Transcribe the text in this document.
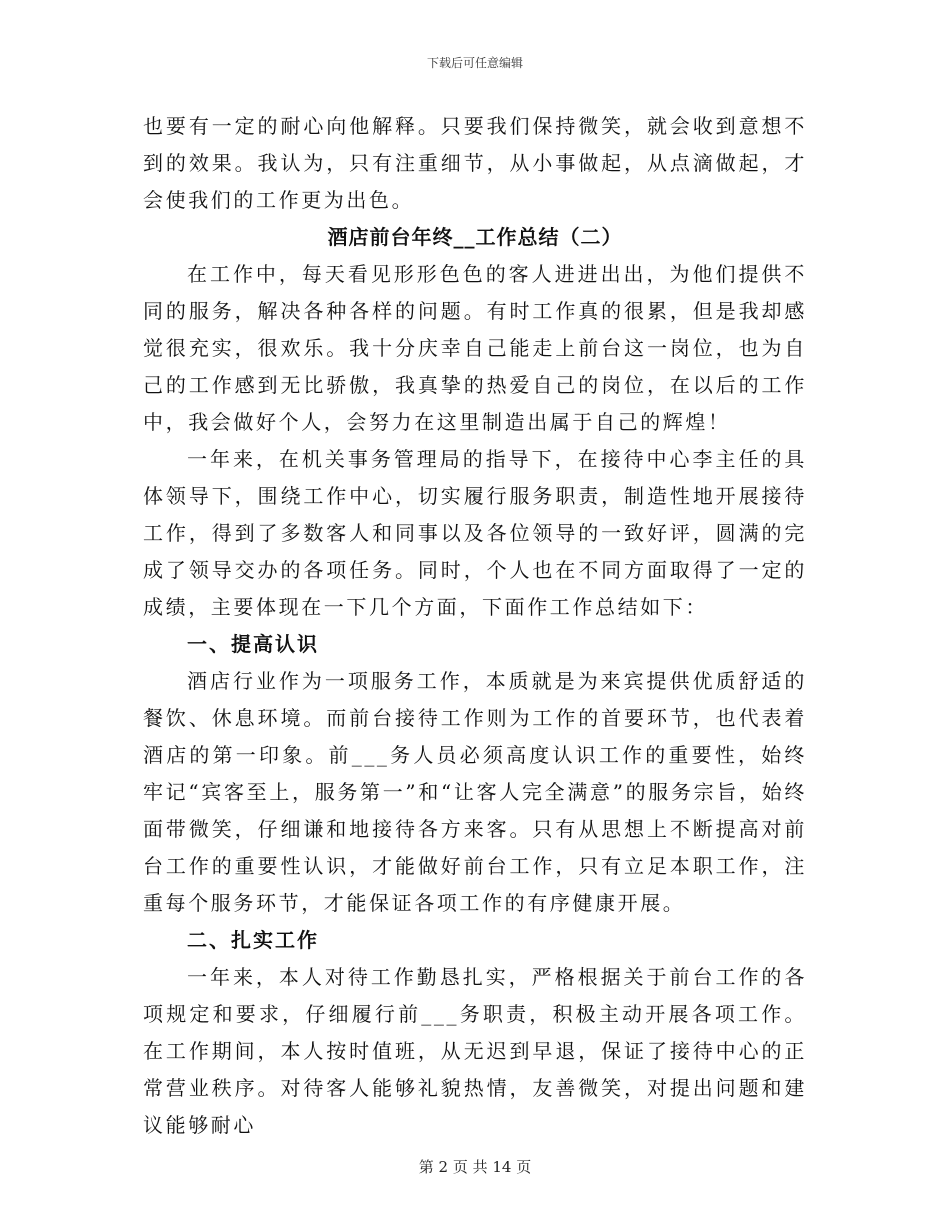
下载后可任意编辑

也要有一定的耐心向他解释。只要我们保持微笑，就会收到意想不到的效果。我认为，只有注重细节，从小事做起，从点滴做起，才会使我们的工作更为出色。

酒店前台年终__工作总结（二）

在工作中，每天看见形形色色的客人进进出出，为他们提供不同的服务，解决各种各样的问题。有时工作真的很累，但是我却感觉很充实，很欢乐。我十分庆幸自己能走上前台这一岗位，也为自己的工作感到无比骄傲，我真挚的热爱自己的岗位，在以后的工作中，我会做好个人，会努力在这里制造出属于自己的辉煌！

一年来，在机关事务管理局的指导下，在接待中心李主任的具体领导下，围绕工作中心，切实履行服务职责，制造性地开展接待工作，得到了多数客人和同事以及各位领导的一致好评，圆满的完成了领导交办的各项任务。同时，个人也在不同方面取得了一定的成绩，主要体现在一下几个方面，下面作工作总结如下：

一、提高认识

酒店行业作为一项服务工作，本质就是为来宾提供优质舒适的餐饮、休息环境。而前台接待工作则为工作的首要环节，也代表着酒店的第一印象。前___务人员必须高度认识工作的重要性，始终牢记“宾客至上，服务第一”和“让客人完全满意”的服务宗旨，始终面带微笑，仔细谦和地接待各方来客。只有从思想上不断提高对前台工作的重要性认识，才能做好前台工作，只有立足本职工作，注重每个服务环节，才能保证各项工作的有序健康开展。

二、扎实工作

一年来，本人对待工作勤恳扎实，严格根据关于前台工作的各项规定和要求，仔细履行前___务职责，积极主动开展各项工作。在工作期间，本人按时值班，从无迟到早退，保证了接待中心的正常营业秩序。对待客人能够礼貌热情，友善微笑，对提出问题和建议能够耐心

第 2 页 共 14 页
